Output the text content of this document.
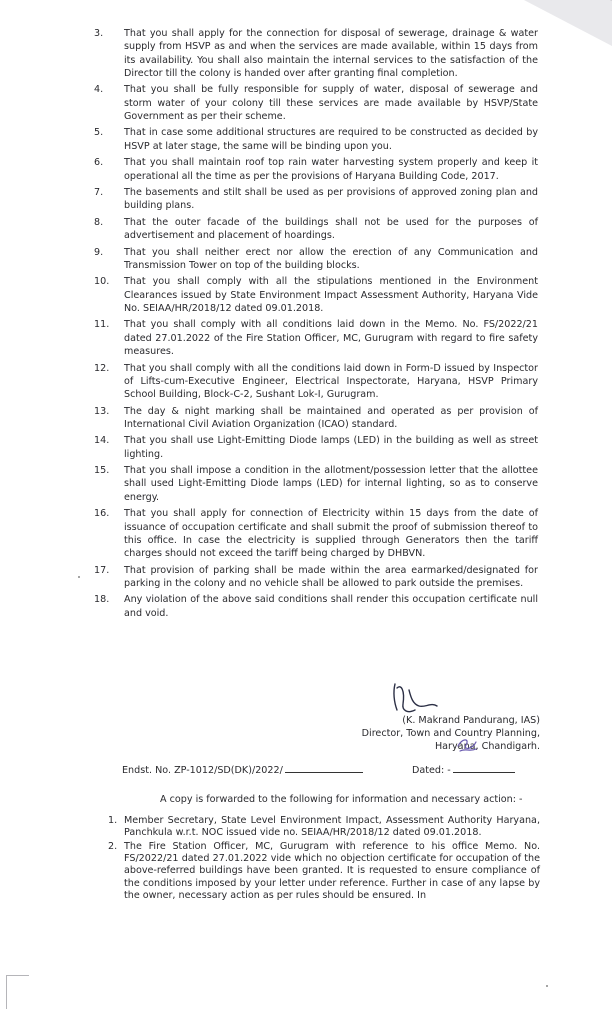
3. That you shall apply for the connection for disposal of sewerage, drainage & water supply from HSVP as and when the services are made available, within 15 days from its availability. You shall also maintain the internal services to the satisfaction of the Director till the colony is handed over after granting final completion.
4. That you shall be fully responsible for supply of water, disposal of sewerage and storm water of your colony till these services are made available by HSVP/State Government as per their scheme.
5. That in case some additional structures are required to be constructed as decided by HSVP at later stage, the same will be binding upon you.
6. That you shall maintain roof top rain water harvesting system properly and keep it operational all the time as per the provisions of Haryana Building Code, 2017.
7. The basements and stilt shall be used as per provisions of approved zoning plan and building plans.
8. That the outer facade of the buildings shall not be used for the purposes of advertisement and placement of hoardings.
9. That you shall neither erect nor allow the erection of any Communication and Transmission Tower on top of the building blocks.
10. That you shall comply with all the stipulations mentioned in the Environment Clearances issued by State Environment Impact Assessment Authority, Haryana Vide No. SEIAA/HR/2018/12 dated 09.01.2018.
11. That you shall comply with all conditions laid down in the Memo. No. FS/2022/21 dated 27.01.2022 of the Fire Station Officer, MC, Gurugram with regard to fire safety measures.
12. That you shall comply with all the conditions laid down in Form-D issued by Inspector of Lifts-cum-Executive Engineer, Electrical Inspectorate, Haryana, HSVP Primary School Building, Block-C-2, Sushant Lok-I, Gurugram.
13. The day & night marking shall be maintained and operated as per provision of International Civil Aviation Organization (ICAO) standard.
14. That you shall use Light-Emitting Diode lamps (LED) in the building as well as street lighting.
15. That you shall impose a condition in the allotment/possession letter that the allottee shall used Light-Emitting Diode lamps (LED) for internal lighting, so as to conserve energy.
16. That you shall apply for connection of Electricity within 15 days from the date of issuance of occupation certificate and shall submit the proof of submission thereof to this office. In case the electricity is supplied through Generators then the tariff charges should not exceed the tariff being charged by DHBVN.
17. That provision of parking shall be made within the area earmarked/designated for parking in the colony and no vehicle shall be allowed to park outside the premises.
18. Any violation of the above said conditions shall render this occupation certificate null and void.
(K. Makrand Pandurang, IAS)
Director, Town and Country Planning,
Haryana, Chandigarh.
Endst. No. ZP-1012/SD(DK)/2022/	Dated: -
A copy is forwarded to the following for information and necessary action: -
1. Member Secretary, State Level Environment Impact, Assessment Authority Haryana, Panchkula w.r.t. NOC issued vide no. SEIAA/HR/2018/12 dated 09.01.2018.
2. The Fire Station Officer, MC, Gurugram with reference to his office Memo. No. FS/2022/21 dated 27.01.2022 vide which no objection certificate for occupation of the above-referred buildings have been granted. It is requested to ensure compliance of the conditions imposed by your letter under reference. Further in case of any lapse by the owner, necessary action as per rules should be ensured. In
